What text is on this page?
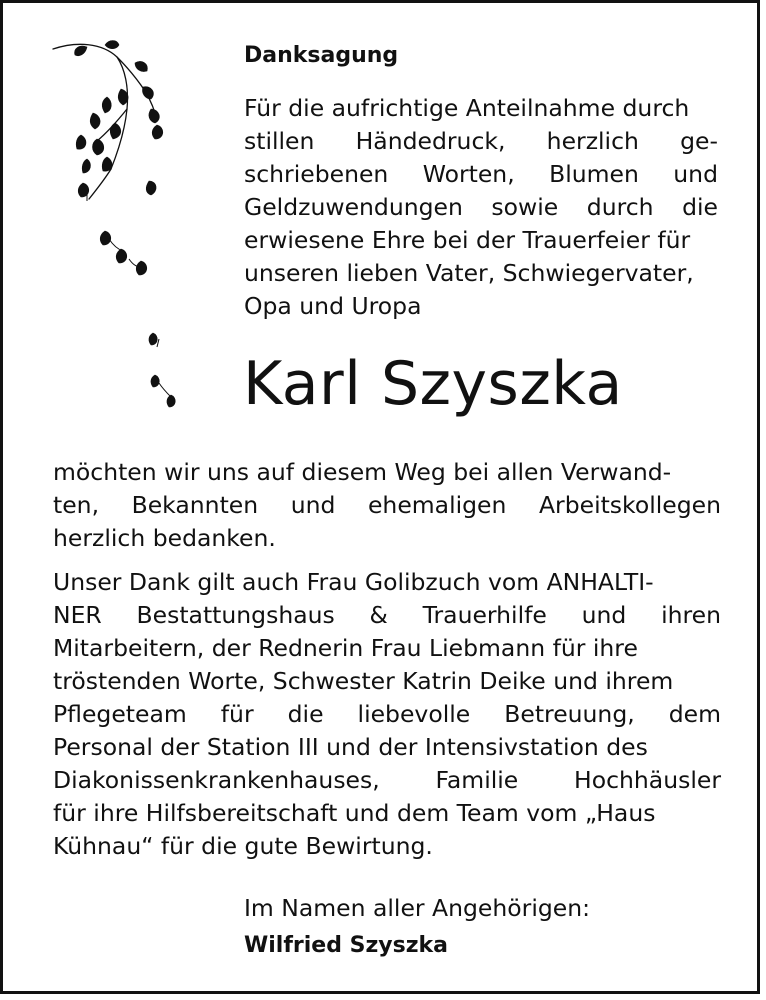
Danksagung
Für die aufrichtige Anteilnahme durch
stillen Händedruck, herzlich ge-
schriebenen Worten, Blumen und
Geldzuwendungen sowie durch die
erwiesene Ehre bei der Trauerfeier für
unseren lieben Vater, Schwiegervater,
Opa und Uropa
Karl Szyszka
möchten wir uns auf diesem Weg bei allen Verwand-
ten, Bekannten und ehemaligen Arbeitskollegen
herzlich bedanken.
Unser Dank gilt auch Frau Golibzuch vom ANHALTI-
NER Bestattungshaus & Trauerhilfe und ihren
Mitarbeitern, der Rednerin Frau Liebmann für ihre
tröstenden Worte, Schwester Katrin Deike und ihrem
Pflegeteam für die liebevolle Betreuung, dem
Personal der Station III und der Intensivstation des
Diakonissenkrankenhauses, Familie Hochhäusler
für ihre Hilfsbereitschaft und dem Team vom „Haus
Kühnau“ für die gute Bewirtung.
Im Namen aller Angehörigen:
Wilfried Szyszka
